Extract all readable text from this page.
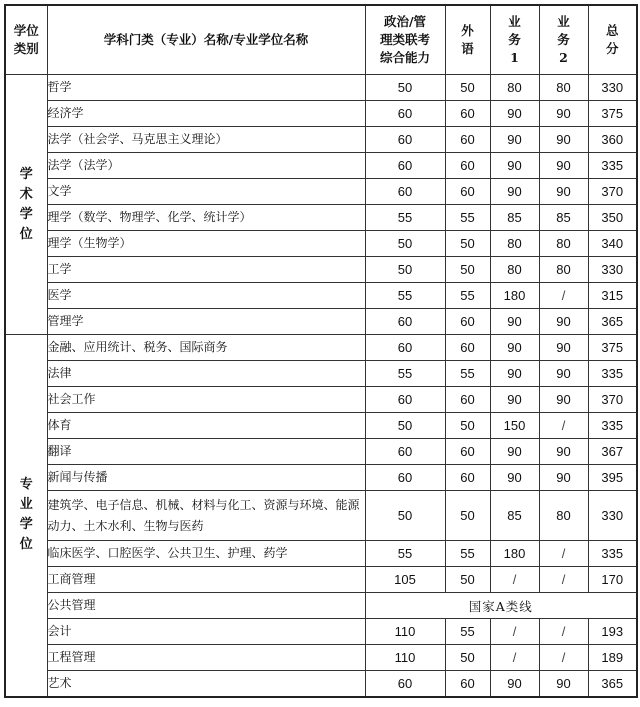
学位
类别	学科门类（专业）名称/专业学位名称	政治/管
理类联考
综合能力	外
语	业
务
1	业
务
2	总
分

学
术
学
位	哲学	50	50	80	80	330
	经济学	60	60	90	90	375
	法学（社会学、马克思主义理论）	60	60	90	90	360
	法学（法学）	60	60	90	90	335
	文学	60	60	90	90	370
	理学（数学、物理学、化学、统计学）	55	55	85	85	350
	理学（生物学）	50	50	80	80	340
	工学	50	50	80	80	330
	医学	55	55	180	/	315
	管理学	60	60	90	90	365

专
业
学
位	金融、应用统计、税务、国际商务	60	60	90	90	375
	法律	55	55	90	90	335
	社会工作	60	60	90	90	370
	体育	50	50	150	/	335
	翻译	60	60	90	90	367
	新闻与传播	60	60	90	90	395
	建筑学、电子信息、机械、材料与化工、资源与环境、能源动力、土木水利、生物与医药	50	50	85	80	330
	临床医学、口腔医学、公共卫生、护理、药学	55	55	180	/	335
	工商管理	105	50	/	/	170
	公共管理	国家A类线				
	会计	110	55	/	/	193
	工程管理	110	50	/	/	189
	艺术	60	60	90	90	365
